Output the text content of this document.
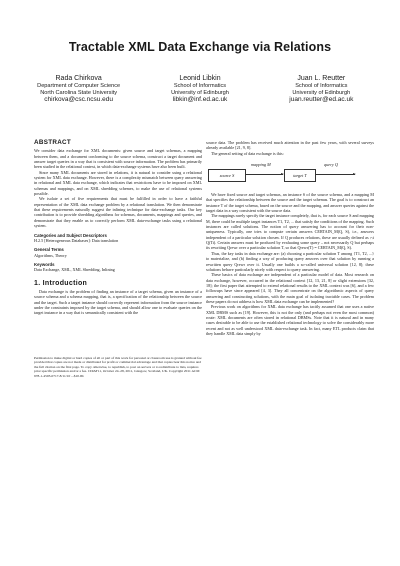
Tractable XML Data Exchange via Relations
Rada Chirkova
Department of Computer Science
North Carolina State University
chirkova@csc.ncsu.edu
Leonid Libkin
School of Informatics
University of Edinburgh
libkin@inf.ed.ac.uk
Juan L. Reutter
School of Informatics
University of Edinburgh
juan.reutter@ed.ac.uk
ABSTRACT

We consider data exchange for XML documents: given source and target schemas, a mapping between them, and a document conforming to the source schema, construct a target document and answer target queries in a way that is consistent with source information. The problem has primarily been studied in the relational context, in which data-exchange systems have also been built.

Since many XML documents are stored in relations, it is natural to consider using a relational system for XML data exchange. However, there is a complexity mismatch between query answering in relational and XML data exchange, which indicates that restrictions have to be imposed on XML schemas and mappings, and on XML shredding schemes, to make the use of relational systems possible.

We isolate a set of five requirements that must be fulfilled in order to have a faithful representation of the XML data exchange problem by a relational translation. We then demonstrate that these requirements naturally suggest the inlining technique for data-exchange tasks. Our key contribution is to provide shredding algorithms for schemas, documents, mappings and queries, and demonstrate that they enable us to correctly perform XML data-exchange tasks using a relational system.

Categories and Subject Descriptors
H.2.5 [Heterogeneous Databases]: Data translation
General Terms
Algorithms, Theory
Keywords
Data Exchange, XML, XML Shredding, Inlining
1. Introduction

Data exchange is the problem of finding an instance of a target schema, given an instance of a source schema and a schema mapping, that is, a specification of the relationship between the source and the target. Such a target instance should correctly represent information from the source instance under the constraints imposed by the target schema, and should allow one to evaluate queries on the target instance in a way that is semantically consistent with the

Permission to make digital or hard copies of all or part of this work for personal or classroom use is granted without fee provided that copies are not made or distributed for profit or commercial advantage and that copies bear this notice and the full citation on the first page. To copy otherwise, to republish, to post on servers or to redistribute to lists, requires prior specific permission and/or a fee. CIKM'11, October 24–28, 2011, Glasgow, Scotland, UK. Copyright 2011 ACM 978-1-4503-0717-8/11/10 ...$10.00.

source data. The problem has received much attention in the past few years, with several surveys already available [21, 9, 8].

The general setting of data exchange is this:

source S
mapping M
target T
query Q

We have fixed source and target schemas, an instance S of the source schema, and a mapping M that specifies the relationship between the source and the target schemas. The goal is to construct an instance T of the target schema, based on the source and the mapping, and answer queries against the target data in a way consistent with the source data.

The mappings rarely specify the target instance completely, that is, for each source S and mapping M, there could be multiple target instances T1, T2, ... that satisfy the conditions of the mapping. Such instances are called solutions. The notion of query answering has to account for their non-uniqueness. Typically, one tries to compute certain answers CERTAIN_M(Q, S), i.e., answers independent of a particular solution chosen. If Q produces relations, these are usually defined as ∩i Q(Ti). Certain answers must be produced by evaluating some query – not necessarily Q but perhaps its rewriting Qrewr over a particular solution T, so that Qrewr(T) = CERTAIN_M(Q, S).

Thus, the key tasks in data exchange are: (a) choosing a particular solution T among {T1, T2, ...} to materialize, and (b) finding a way of producing query answers over that solution by running a rewritten query Qrewr over it. Usually one builds a so-called universal solution [12, 8]; these solutions behave particularly nicely with respect to query answering.

These basics of data exchange are independent of a particular model of data. Most research on data exchange, however, occurred in the relational context [12, 13, 21, 8] or slight extensions [32, 18]; the first paper that attempted to extend relational results to the XML context was [6], and a few followups have since appeared [4, 3]. They all concentrate on the algorithmic aspects of query answering and constructing solutions, with the main goal of isolating tractable cases. The problem these papers do not address is how XML data exchange can be implemented?

Previous work on algorithms for XML data exchange has tacitly assumed that one uses a native XML DBMS such as [19]. However, this is not the only (and perhaps not even the most common) route: XML documents are often stored in relational DBMSs. Note that it is natural and in many cases desirable to be able to use the established relational technology to solve the considerably more recent and not as well understood XML data-exchange task. In fact, many ETL products claim that they handle XML data simply by
